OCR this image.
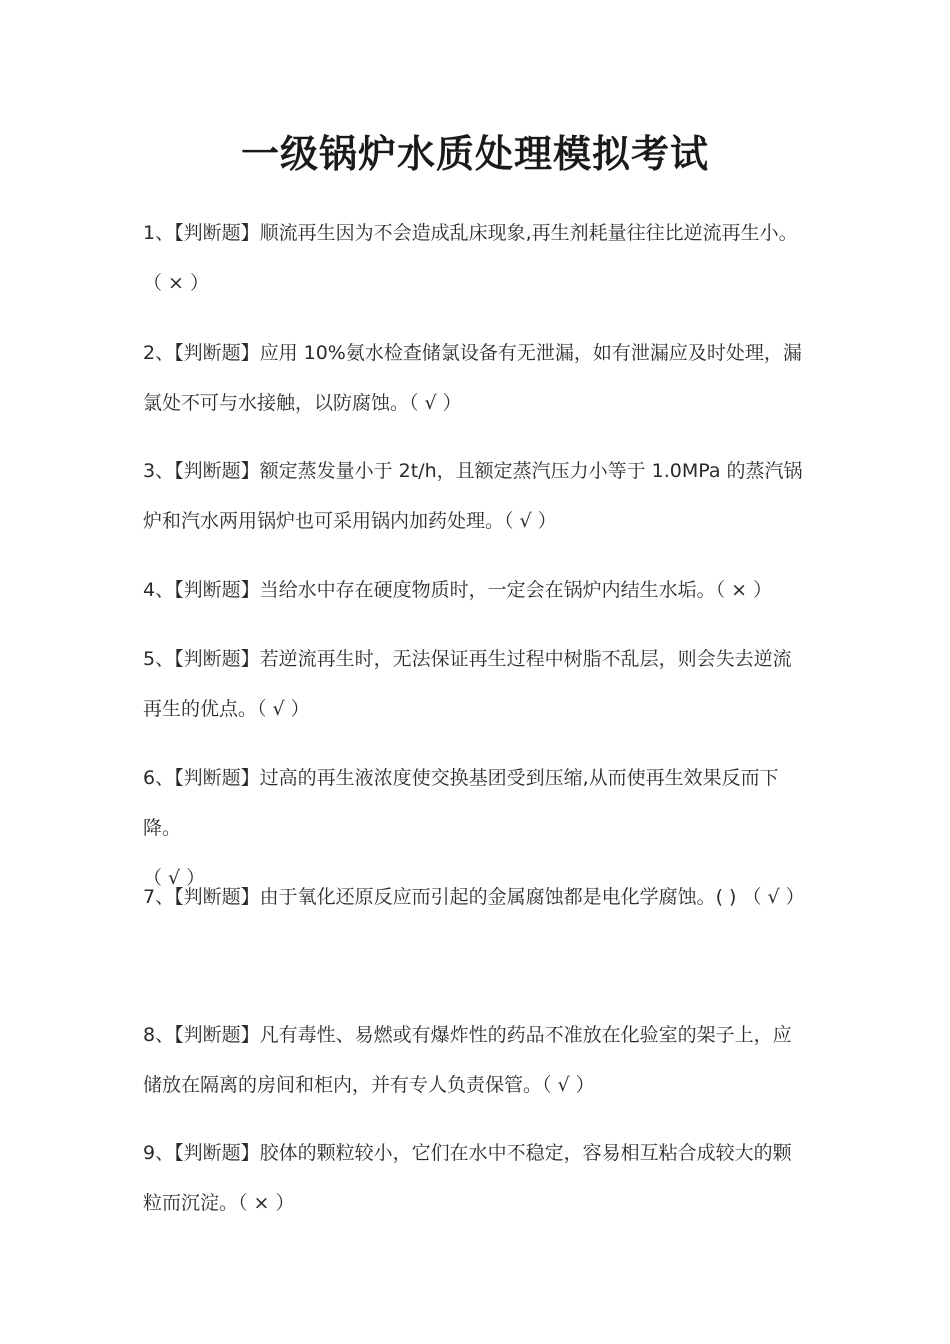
一级锅炉水质处理模拟考试
1、【判断题】顺流再生因为不会造成乱床现象,再生剂耗量往往比逆流再生小。
（ × ）
2、【判断题】应用 10%氨水检查储氯设备有无泄漏，如有泄漏应及时处理，漏
氯处不可与水接触，以防腐蚀。（ √ ）
3、【判断题】额定蒸发量小于 2t/h，且额定蒸汽压力小等于 1.0MPa 的蒸汽锅
炉和汽水两用锅炉也可采用锅内加药处理。（ √ ）
4、【判断题】当给水中存在硬度物质时，一定会在锅炉内结生水垢。（ × ）
5、【判断题】若逆流再生时，无法保证再生过程中树脂不乱层，则会失去逆流
再生的优点。（ √ ）
6、【判断题】过高的再生液浓度使交换基团受到压缩,从而使再生效果反而下降。
（ √ ）
7、【判断题】由于氧化还原反应而引起的金属腐蚀都是电化学腐蚀。( ) （ √ ）
8、【判断题】凡有毒性、易燃或有爆炸性的药品不准放在化验室的架子上，应
储放在隔离的房间和柜内，并有专人负责保管。（ √ ）
9、【判断题】胶体的颗粒较小，它们在水中不稳定，容易相互粘合成较大的颗
粒而沉淀。（ × ）
